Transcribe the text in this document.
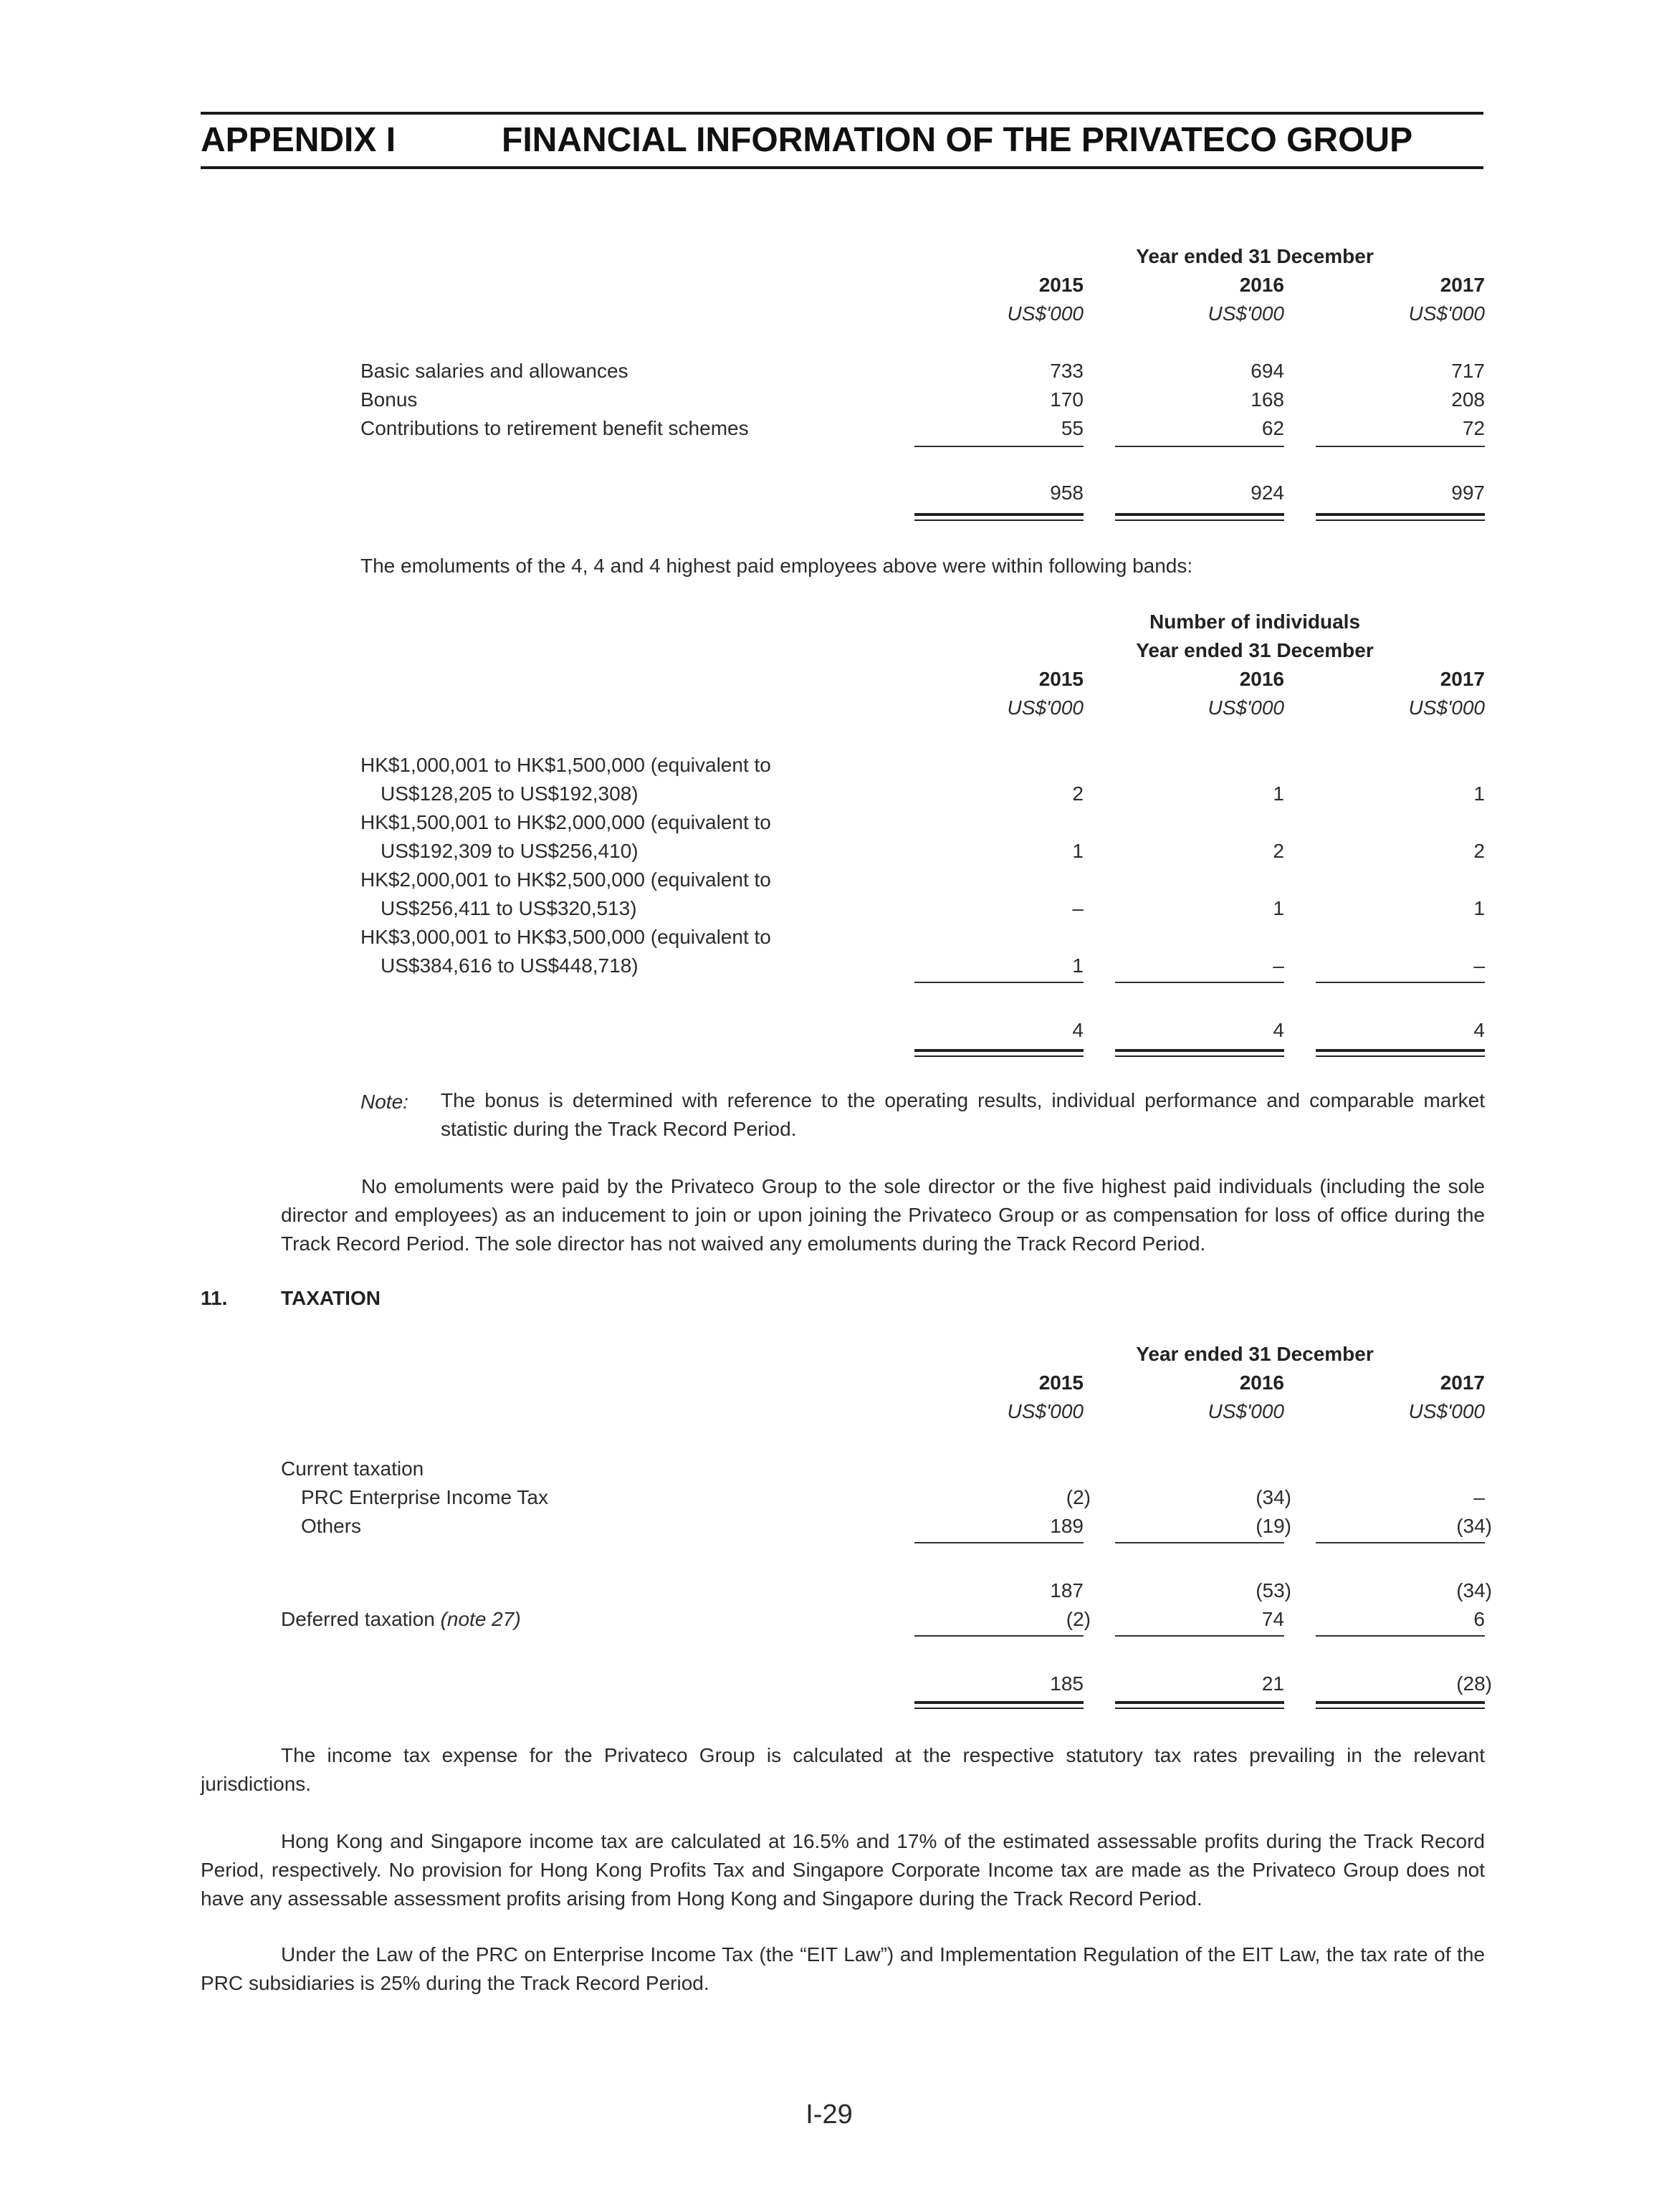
APPENDIX I	FINANCIAL INFORMATION OF THE PRIVATECO GROUP
Year ended 31 December
2015	2016	2017
US$'000	US$'000	US$'000
Basic salaries and allowances	733	694	717
Bonus	170	168	208
Contributions to retirement benefit schemes	55	62	72
958	924	997
The emoluments of the 4, 4 and 4 highest paid employees above were within following bands:
Number of individuals
Year ended 31 December
2015	2016	2017
US$'000	US$'000	US$'000
HK$1,000,001 to HK$1,500,000 (equivalent to
US$128,205 to US$192,308)	2	1	1
HK$1,500,001 to HK$2,000,000 (equivalent to
US$192,309 to US$256,410)	1	2	2
HK$2,000,001 to HK$2,500,000 (equivalent to
US$256,411 to US$320,513)	–	1	1
HK$3,000,001 to HK$3,500,000 (equivalent to
US$384,616 to US$448,718)	1	–	–
4	4	4
Note: The bonus is determined with reference to the operating results, individual performance and comparable market statistic during the Track Record Period.
No emoluments were paid by the Privateco Group to the sole director or the five highest paid individuals (including the sole director and employees) as an inducement to join or upon joining the Privateco Group or as compensation for loss of office during the Track Record Period. The sole director has not waived any emoluments during the Track Record Period.
11.	TAXATION
Year ended 31 December
2015	2016	2017
US$'000	US$'000	US$'000
Current taxation
PRC Enterprise Income Tax	(2)	(34)	–
Others	189	(19)	(34)
187	(53)	(34)
Deferred taxation (note 27)	(2)	74	6
185	21	(28)
The income tax expense for the Privateco Group is calculated at the respective statutory tax rates prevailing in the relevant jurisdictions.
Hong Kong and Singapore income tax are calculated at 16.5% and 17% of the estimated assessable profits during the Track Record Period, respectively. No provision for Hong Kong Profits Tax and Singapore Corporate Income tax are made as the Privateco Group does not have any assessable assessment profits arising from Hong Kong and Singapore during the Track Record Period.
Under the Law of the PRC on Enterprise Income Tax (the “EIT Law”) and Implementation Regulation of the EIT Law, the tax rate of the PRC subsidiaries is 25% during the Track Record Period.
I-29
